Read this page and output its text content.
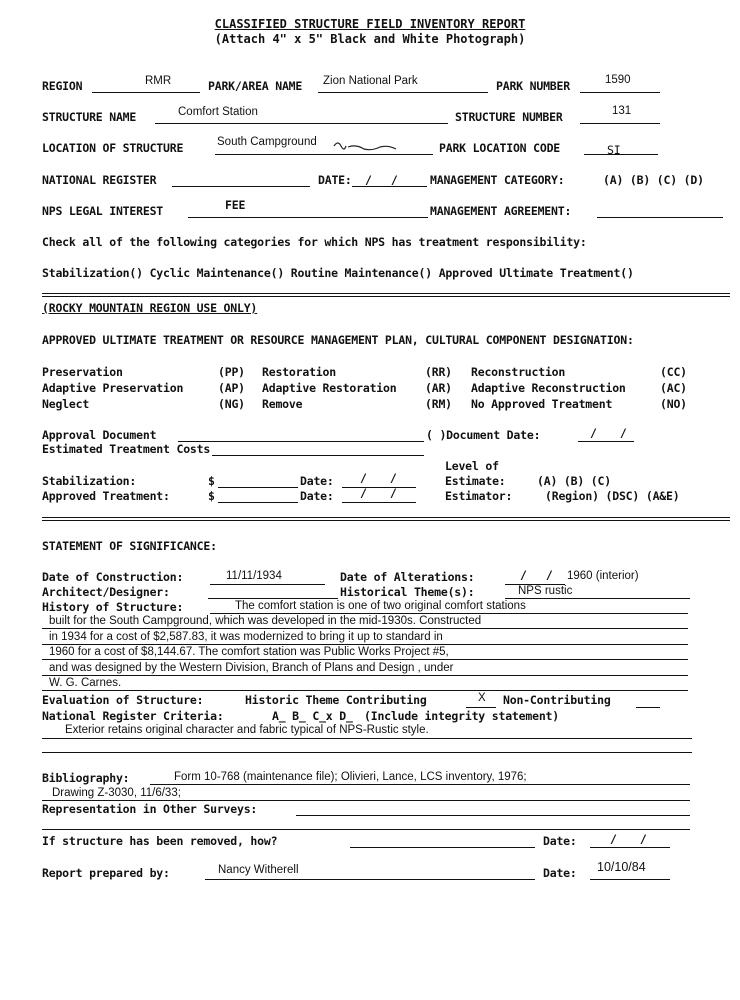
CLASSIFIED STRUCTURE FIELD INVENTORY REPORT
(Attach 4" x 5" Black and White Photograph)
REGION	RMR	PARK/AREA NAME Zion National Park	PARK NUMBER	1590
STRUCTURE NAME	Comfort Station	STRUCTURE NUMBER	131
LOCATION OF STRUCTURE	South Campground	PARK LOCATION CODE	SI
NATIONAL REGISTER	DATE: / / MANAGEMENT CATEGORY:	(A) (B) (C) (D)
NPS LEGAL INTEREST	FEE	MANAGEMENT AGREEMENT:
Check all of the following categories for which NPS has treatment responsibility:
Stabilization() Cyclic Maintenance() Routine Maintenance() Approved Ultimate Treatment()
(ROCKY MOUNTAIN REGION USE ONLY)
APPROVED ULTIMATE TREATMENT OR RESOURCE MANAGEMENT PLAN, CULTURAL COMPONENT DESIGNATION:
Preservation	(PP) Restoration	(RR) Reconstruction	(CC)
Adaptive Preservation	(AP) Adaptive Restoration (AR) Adaptive Reconstruction	(AC)
Neglect	(NG) Remove	(RM) No Approved Treatment	(NO)
Approval Document	( )Document Date:	/ /
Estimated Treatment Costs
Level of
Stabilization:	$	Date: / /	Estimate:	(A) (B) (C)
Approved Treatment:	$	Date: / /	Estimator:	(Region) (DSC) (A&E)
STATEMENT OF SIGNIFICANCE:
Date of Construction:	11/11/1934	Date of Alterations:	/ / 1960 (interior)
Architect/Designer:	Historical Theme(s):	NPS rustic
History of Structure:	The comfort station is one of two original comfort stations
built for the South Campground, which was developed in the mid-1930s. Constructed
in 1934 for a cost of $2,587.83, it was modernized to bring it up to standard in
1960 for a cost of $8,144.67. The comfort station was Public Works Project #5,
and was designed by the Western Division, Branch of Plans and Design , under
W. G. Carnes.
Evaluation of Structure:	Historic Theme Contributing	X Non-Contributing
National Register Criteria:	A_ B_ C_x D_ (Include integrity statement)
Exterior retains original character and fabric typical of NPS-Rustic style.
Bibliography:	Form 10-768 (maintenance file); Olivieri, Lance, LCS inventory, 1976;
Drawing Z-3030, 11/6/33;
Representation in Other Surveys:
If structure has been removed, how?	Date:	/ /
Report prepared by:	Nancy Witherell	Date: 10/10/84
